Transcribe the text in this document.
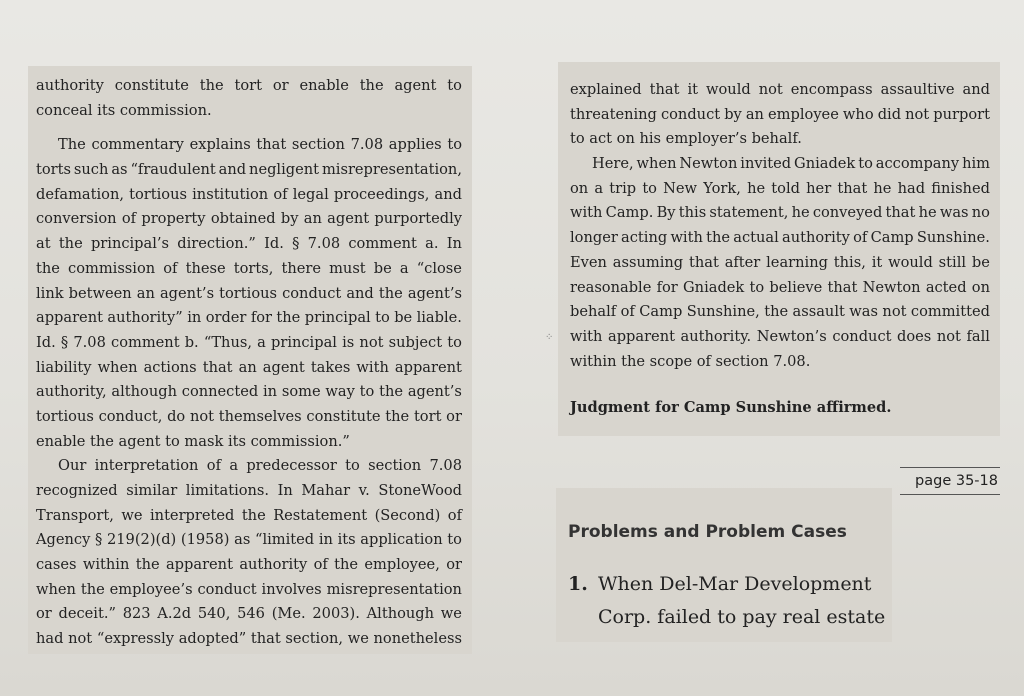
authority constitute the tort or enable the agent to
conceal its commission.
The commentary explains that section 7.08 applies to
torts such as “fraudulent and negligent misrepresentation,
defamation, tortious institution of legal proceedings, and
conversion of property obtained by an agent purportedly
at the principal’s direction.” Id. § 7.08 comment a. In
the commission of these torts, there must be a “close
link between an agent’s tortious conduct and the agent’s
apparent authority” in order for the principal to be liable.
Id. § 7.08 comment b. “Thus, a principal is not subject to
liability when actions that an agent takes with apparent
authority, although connected in some way to the agent’s
tortious conduct, do not themselves constitute the tort or
enable the agent to mask its commission.”
Our interpretation of a predecessor to section 7.08
recognized similar limitations. In Mahar v. StoneWood
Transport, we interpreted the Restatement (Second) of
Agency § 219(2)(d) (1958) as “limited in its application to
cases within the apparent authority of the employee, or
when the employee’s conduct involves misrepresentation
or deceit.” 823 A.2d 540, 546 (Me. 2003). Although we
had not “expressly adopted” that section, we nonetheless
explained that it would not encompass assaultive and
threatening conduct by an employee who did not purport
to act on his employer’s behalf.
Here, when Newton invited Gniadek to accompany him
on a trip to New York, he told her that he had finished
with Camp. By this statement, he conveyed that he was no
longer acting with the actual authority of Camp Sunshine.
Even assuming that after learning this, it would still be
reasonable for Gniadek to believe that Newton acted on
behalf of Camp Sunshine, the assault was not committed
with apparent authority. Newton’s conduct does not fall
within the scope of section 7.08.
Judgment for Camp Sunshine affirmed.
⁘
page 35-18
Problems and Problem Cases
1. When Del-Mar Development
Corp. failed to pay real estate
